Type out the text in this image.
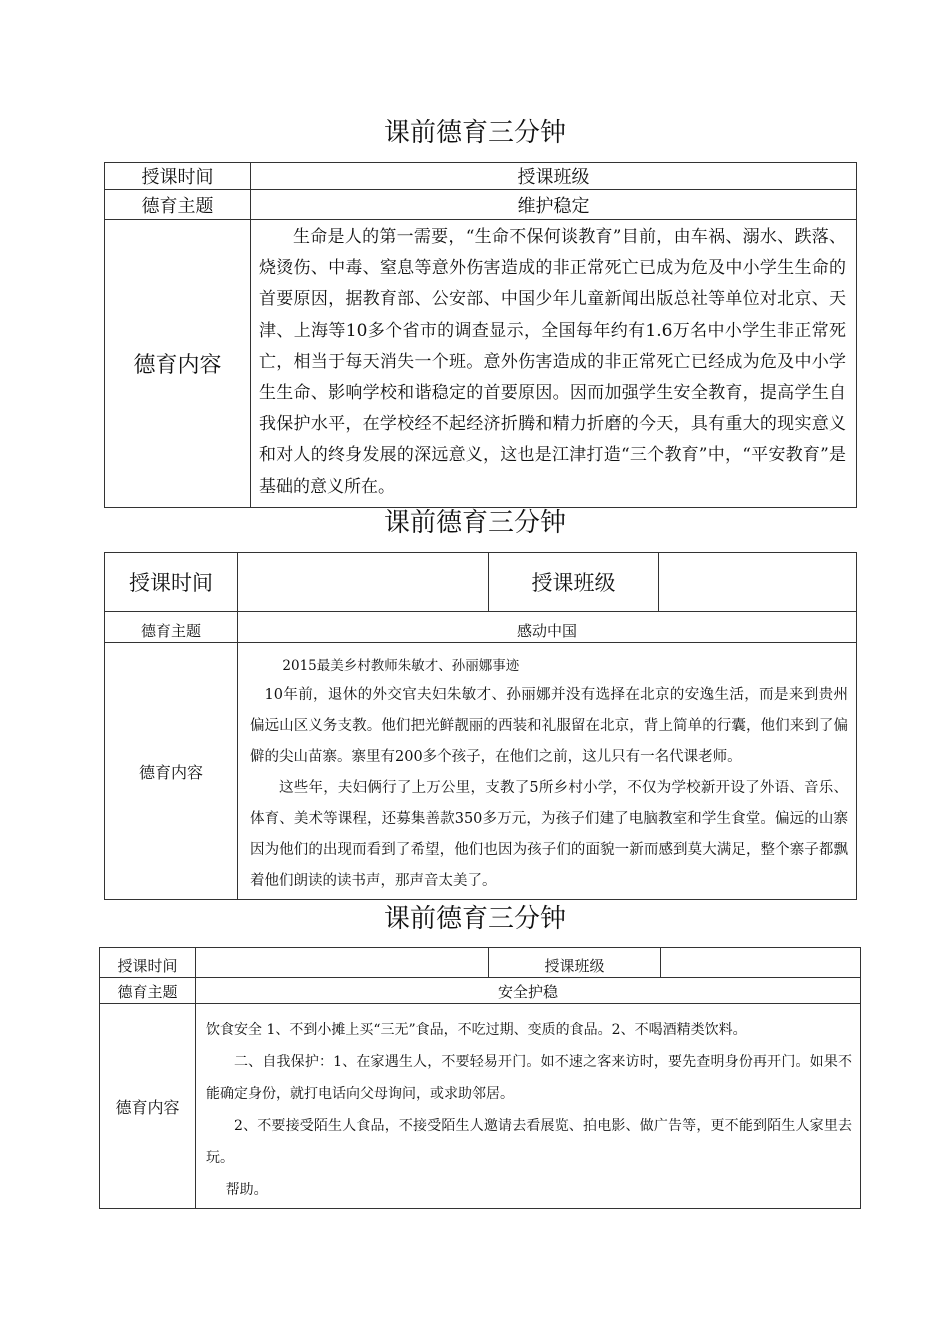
课前德育三分钟
授课时间	授课班级
德育主题	维护稳定
德育内容	生命是人的第一需要，“生命不保何谈教育”目前，由车祸、溺水、跌落、烧烫伤、中毒、窒息等意外伤害造成的非正常死亡已成为危及中小学生生命的首要原因，据教育部、公安部、中国少年儿童新闻出版总社等单位对北京、天津、上海等10多个省市的调查显示，全国每年约有1.6万名中小学生非正常死亡，相当于每天消失一个班。意外伤害造成的非正常死亡已经成为危及中小学生生命、影响学校和谐稳定的首要原因。因而加强学生安全教育，提高学生自我保护水平，在学校经不起经济折腾和精力折磨的今天，具有重大的现实意义和对人的终身发展的深远意义，这也是江津打造“三个教育”中，“平安教育”是基础的意义所在。
课前德育三分钟
授课时间		授课班级	
德育主题	感动中国		
德育内容	2015最美乡村教师朱敏才、孙丽娜事迹

10年前，退休的外交官夫妇朱敏才、孙丽娜并没有选择在北京的安逸生活，而是来到贵州偏远山区义务支教。他们把光鲜靓丽的西装和礼服留在北京，背上简单的行囊，他们来到了偏僻的尖山苗寨。寨里有200多个孩子，在他们之前，这儿只有一名代课老师。

这些年，夫妇俩行了上万公里，支教了5所乡村小学，不仅为学校新开设了外语、音乐、体育、美术等课程，还募集善款350多万元，为孩子们建了电脑教室和学生食堂。偏远的山寨因为他们的出现而看到了希望，他们也因为孩子们的面貌一新而感到莫大满足，整个寨子都飘着他们朗读的读书声，那声音太美了。		

课前德育三分钟
授课时间		授课班级	
德育主题	安全护稳		
德育内容	饮食安全 1、不到小摊上买“三无”食品，不吃过期、变质的食品。2、不喝酒精类饮料。

二、自我保护：1、在家遇生人，不要轻易开门。如不速之客来访时，要先查明身份再开门。如果不能确定身份，就打电话向父母询问，或求助邻居。

2、不要接受陌生人食品，不接受陌生人邀请去看展览、拍电影、做广告等，更不能到陌生人家里去玩。

帮助。		
